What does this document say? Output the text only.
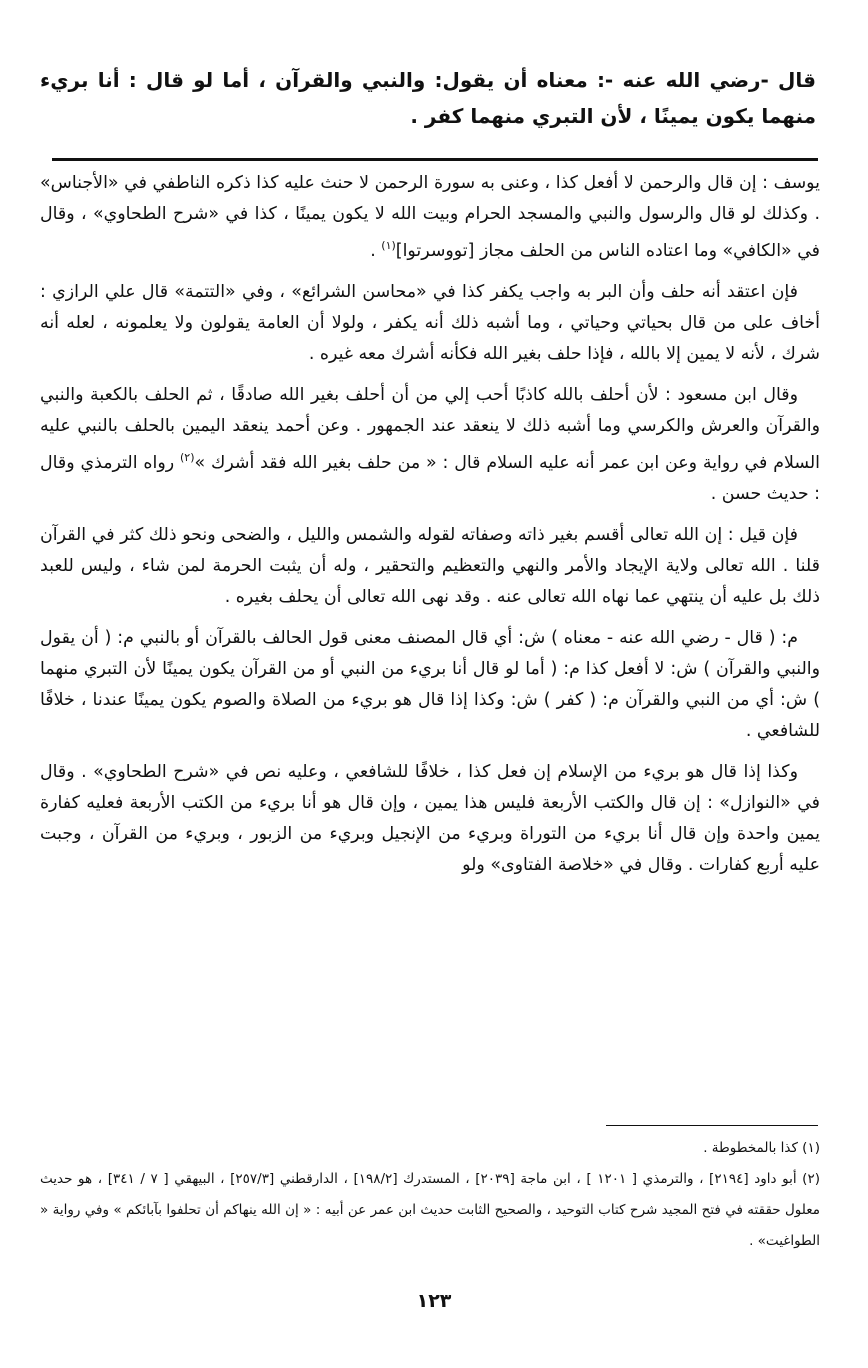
قال -رضي الله عنه -: معناه أن يقول: والنبي والقرآن ، أما لو قال : أنا بريء منهما يكون يمينًا ، لأن التبري منهما كفر .

يوسف : إن قال والرحمن لا أفعل كذا ، وعنى به سورة الرحمن لا حنث عليه كذا ذكره الناطفي في «الأجناس» . وكذلك لو قال والرسول والنبي والمسجد الحرام وبيت الله لا يكون يمينًا ، كذا في «شرح الطحاوي» ، وقال في «الكافي» وما اعتاده الناس من الحلف مجاز [تووسرتوا]$^{(١)}$ .

فإن اعتقد أنه حلف وأن البر به واجب يكفر كذا في «محاسن الشرائع» ، وفي «التتمة» قال علي الرازي : أخاف على من قال بحياتي وحياتي ، وما أشبه ذلك أنه يكفر ، ولولا أن العامة يقولون ولا يعلمونه ، لعله أنه شرك ، لأنه لا يمين إلا بالله ، فإذا حلف بغير الله فكأنه أشرك معه غيره .

وقال ابن مسعود : لأن أحلف بالله كاذبًا أحب إلي من أن أحلف بغير الله صادقًا ، ثم الحلف بالكعبة والنبي والقرآن والعرش والكرسي وما أشبه ذلك لا ينعقد عند الجمهور . وعن أحمد ينعقد اليمين بالحلف بالنبي عليه السلام في رواية وعن ابن عمر أنه عليه السلام قال : « من حلف بغير الله فقد أشرك »$^{(٢)}$ رواه الترمذي وقال : حديث حسن .

فإن قيل : إن الله تعالى أقسم بغير ذاته وصفاته لقوله والشمس والليل ، والضحى ونحو ذلك كثر في القرآن قلنا . الله تعالى ولاية الإيجاد والأمر والنهي والتعظيم والتحقير ، وله أن يثبت الحرمة لمن شاء ، وليس للعبد ذلك بل عليه أن ينتهي عما نهاه الله تعالى عنه . وقد نهى الله تعالى أن يحلف بغيره .

م: ( قال - رضي الله عنه - معناه ) ش: أي قال المصنف معنى قول الحالف بالقرآن أو بالنبي م: ( أن يقول والنبي والقرآن ) ش: لا أفعل كذا م: ( أما لو قال أنا بريء من النبي أو من القرآن يكون يمينًا لأن التبري منهما ) ش: أي من النبي والقرآن م: ( كفر ) ش: وكذا إذا قال هو بريء من الصلاة والصوم يكون يمينًا عندنا ، خلافًا للشافعي .

وكذا إذا قال هو بريء من الإسلام إن فعل كذا ، خلافًا للشافعي ، وعليه نص في «شرح الطحاوي» . وقال في «النوازل» : إن قال والكتب الأربعة فليس هذا يمين ، وإن قال هو أنا بريء من الكتب الأربعة فعليه كفارة يمين واحدة وإن قال أنا بريء من التوراة وبريء من الإنجيل وبريء من الزبور ، وبريء من القرآن ، وجبت عليه أربع كفارات . وقال في «خلاصة الفتاوى» ولو

(١) كذا بالمخطوطة .

(٢) أبو داود [٢١٩٤] ، والترمذي [ ١٢٠١ ] ، ابن ماجة [٢٠٣٩] ، المستدرك [١٩٨/٢] ، الدارقطني [٢٥٧/٣] ، البيهقي [ ٧ / ٣٤١] ، هو حديث معلول حققته في فتح المجيد شرح كتاب التوحيد ، والصحيح الثابت حديث ابن عمر عن أبيه : « إن الله ينهاكم أن تحلفوا بآبائكم » وفي رواية « الطواغيت» .

١٢٣
